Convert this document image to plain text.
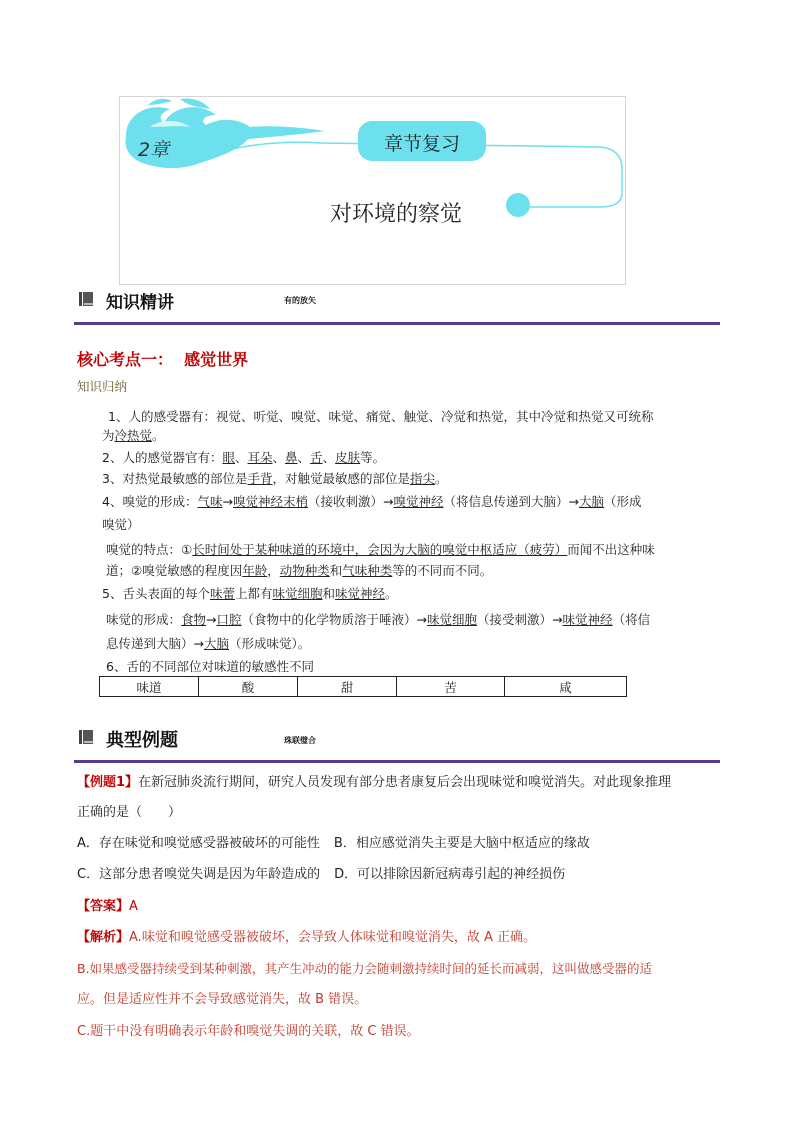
2章	章节复习
对环境的察觉
知识精讲	有的放矢
核心考点一：  感觉世界
知识归纳
1、人的感受器有：视觉、听觉、嗅觉、味觉、痛觉、触觉、冷觉和热觉，其中冷觉和热觉又可统称
为冷热觉。
2、人的感觉器官有：眼、耳朵、鼻、舌、皮肤等。
3、对热觉最敏感的部位是手背，对触觉最敏感的部位是指尖。
4、嗅觉的形成：气味→嗅觉神经末梢（接收刺激）→嗅觉神经（将信息传递到大脑）→大脑（形成
嗅觉）
嗅觉的特点：①长时间处于某种味道的环境中，会因为大脑的嗅觉中枢适应（疲劳）而闻不出这种味
道；②嗅觉敏感的程度因年龄，动物种类和气味种类等的不同而不同。
5、舌头表面的每个味蕾上都有味觉细胞和味觉神经。
味觉的形成：食物→口腔（食物中的化学物质溶于唾液）→味觉细胞（接受刺激）→味觉神经（将信
息传递到大脑）→大脑（形成味觉）。
6、舌的不同部位对味道的敏感性不同
味道	酸	甜	苦	咸
典型例题	珠联璧合
【例题1】在新冠肺炎流行期间，研究人员发现有部分患者康复后会出现味觉和嗅觉消失。对此现象推理
正确的是（　　）
A．存在味觉和嗅觉感受器被破坏的可能性 B．相应感觉消失主要是大脑中枢适应的缘故
C．这部分患者嗅觉失调是因为年龄造成的 D．可以排除因新冠病毒引起的神经损伤
【答案】A
【解析】A.味觉和嗅觉感受器被破坏，会导致人体味觉和嗅觉消失，故 A 正确。
B.如果感受器持续受到某种刺激，其产生冲动的能力会随刺激持续时间的延长而减弱，这叫做感受器的适
应。但是适应性并不会导致感觉消失，故 B 错误。
C.题干中没有明确表示年龄和嗅觉失调的关联，故 C 错误。
